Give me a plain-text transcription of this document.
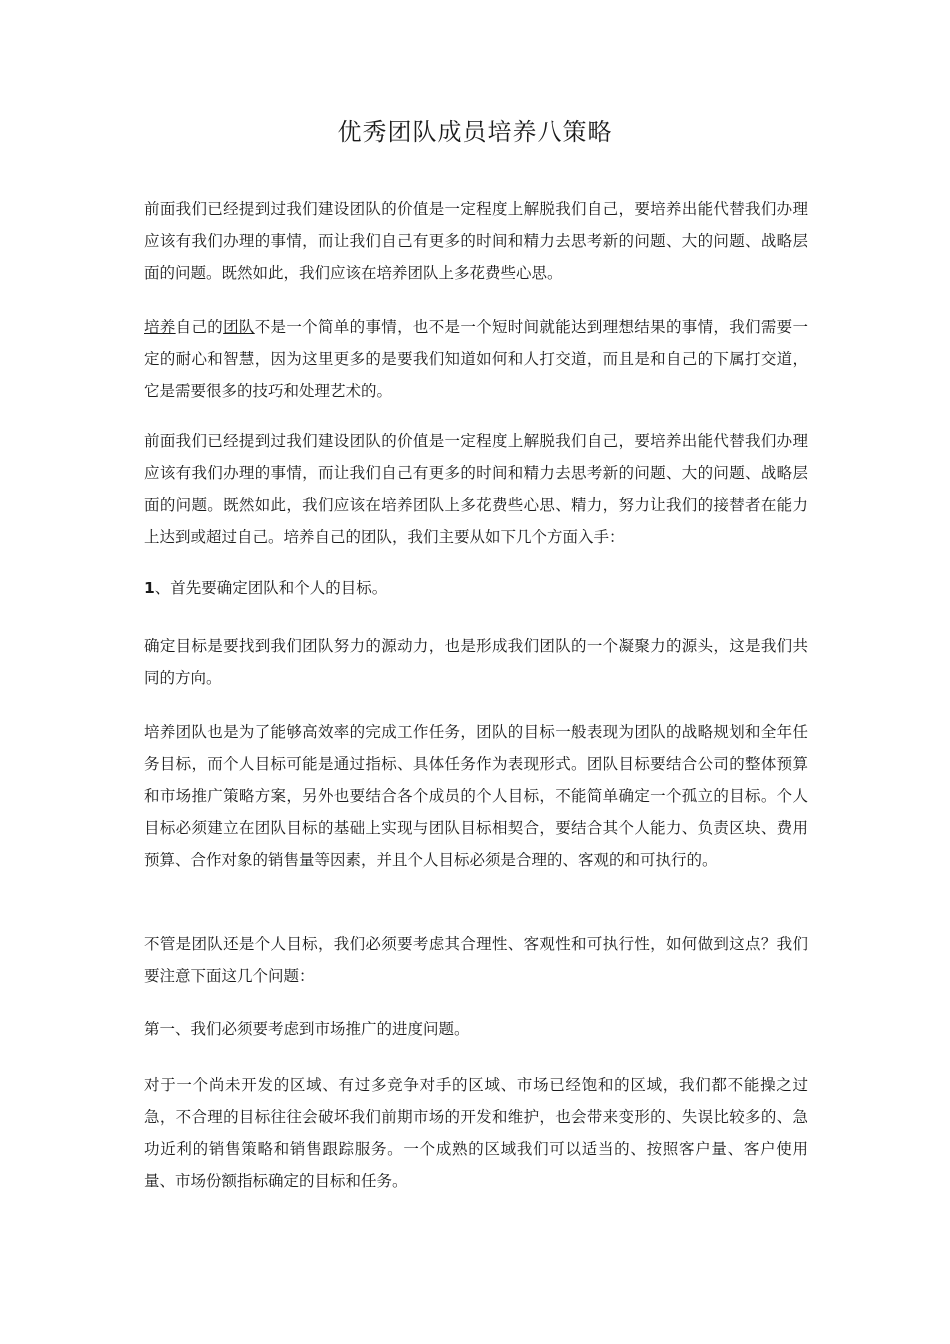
优秀团队成员培养八策略

前面我们已经提到过我们建设团队的价值是一定程度上解脱我们自己，要培养出能代替我们办理应该有我们办理的事情，而让我们自己有更多的时间和精力去思考新的问题、大的问题、战略层面的问题。既然如此，我们应该在培养团队上多花费些心思。

培养自己的团队不是一个简单的事情，也不是一个短时间就能达到理想结果的事情，我们需要一定的耐心和智慧，因为这里更多的是要我们知道如何和人打交道，而且是和自己的下属打交道，它是需要很多的技巧和处理艺术的。

前面我们已经提到过我们建设团队的价值是一定程度上解脱我们自己，要培养出能代替我们办理应该有我们办理的事情，而让我们自己有更多的时间和精力去思考新的问题、大的问题、战略层面的问题。既然如此，我们应该在培养团队上多花费些心思、精力，努力让我们的接替者在能力上达到或超过自己。培养自己的团队，我们主要从如下几个方面入手：

1、首先要确定团队和个人的目标。

确定目标是要找到我们团队努力的源动力，也是形成我们团队的一个凝聚力的源头，这是我们共同的方向。

培养团队也是为了能够高效率的完成工作任务，团队的目标一般表现为团队的战略规划和全年任务目标，而个人目标可能是通过指标、具体任务作为表现形式。团队目标要结合公司的整体预算和市场推广策略方案，另外也要结合各个成员的个人目标，不能简单确定一个孤立的目标。个人目标必须建立在团队目标的基础上实现与团队目标相契合，要结合其个人能力、负责区块、费用预算、合作对象的销售量等因素，并且个人目标必须是合理的、客观的和可执行的。

不管是团队还是个人目标，我们必须要考虑其合理性、客观性和可执行性，如何做到这点？我们要注意下面这几个问题：

第一、我们必须要考虑到市场推广的进度问题。

对于一个尚未开发的区域、有过多竞争对手的区域、市场已经饱和的区域，我们都不能操之过急，不合理的目标往往会破坏我们前期市场的开发和维护，也会带来变形的、失误比较多的、急功近利的销售策略和销售跟踪服务。一个成熟的区域我们可以适当的、按照客户量、客户使用量、市场份额指标确定的目标和任务。
